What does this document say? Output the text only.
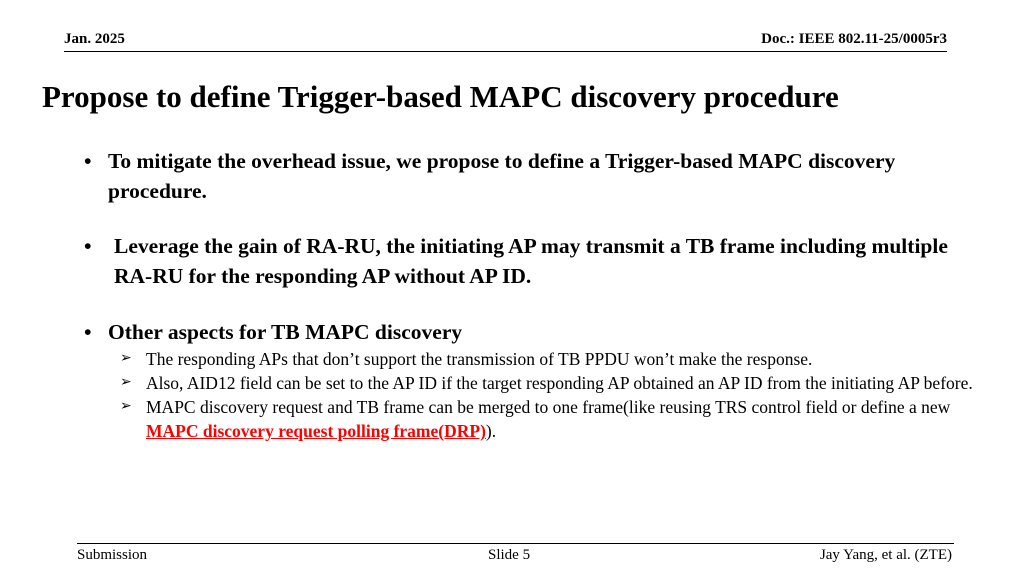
Jan. 2025	Doc.: IEEE 802.11-25/0005r3
Propose to define Trigger-based MAPC discovery procedure
• To mitigate the overhead issue, we propose to define a Trigger-based MAPC discovery procedure.
• Leverage the gain of RA-RU, the initiating AP may transmit a TB frame including multiple RA-RU for the responding AP without AP ID.
• Other aspects for TB MAPC discovery
➢ The responding APs that don’t support the transmission of TB PPDU won’t make the response.
➢ Also, AID12 field can be set to the AP ID if the target responding AP obtained an AP ID from the initiating AP before.
➢ MAPC discovery request and TB frame can be merged to one frame(like reusing TRS control field or define a new MAPC discovery request polling frame(DRP)).
Submission	Slide 5	Jay Yang, et al. (ZTE)
